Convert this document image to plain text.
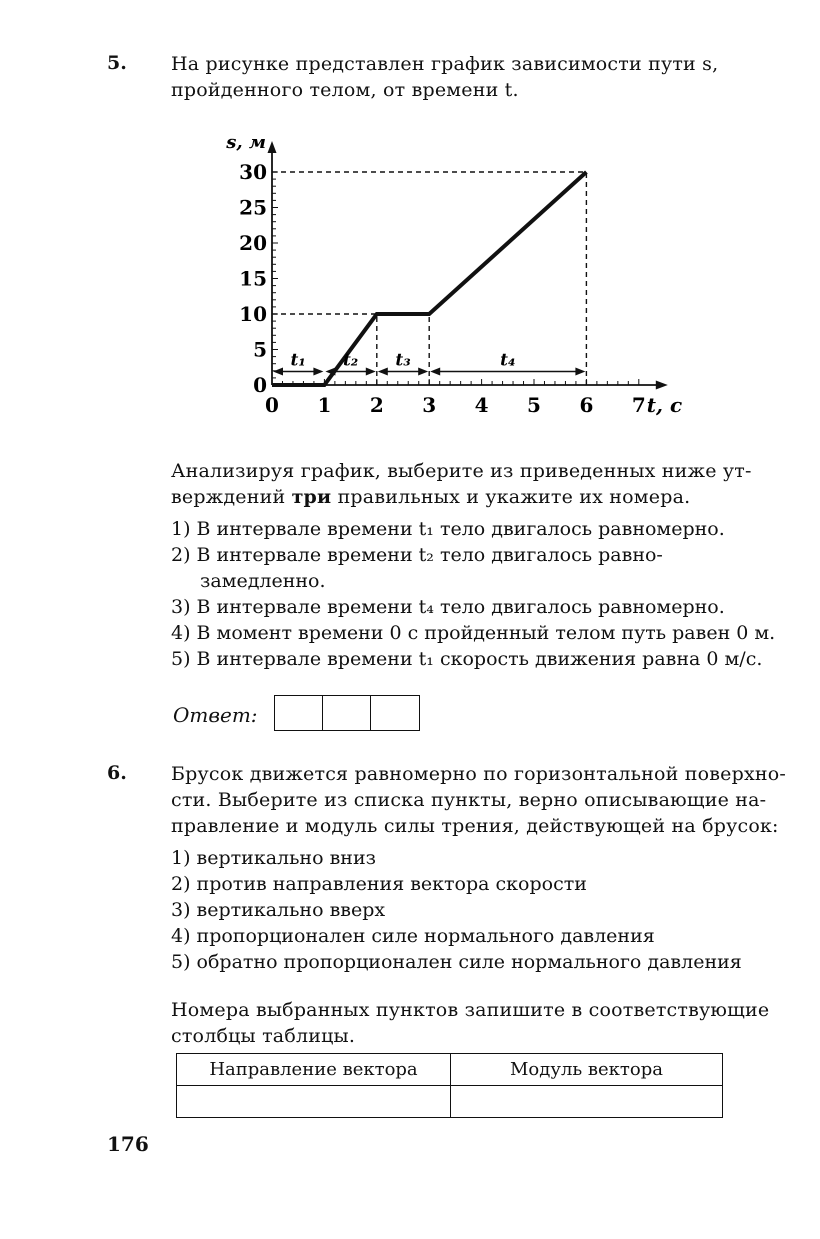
5. На рисунке представлен график зависимости пути s,
пройденного телом, от времени t.
0 1 2 3 4 5 6 7
0
5
10
15
20
25
30
t, с
s, м
t₁ t₂ t₃	t₄
Анализируя график, выберите из приведенных ниже ут-
верждений три правильных и укажите их номера.
1) В интервале времени t₁ тело двигалось равномерно.
2) В интервале времени t₂ тело двигалось равно-
замедленно.
3) В интервале времени t₄ тело двигалось равномерно.
4) В момент времени 0 с пройденный телом путь равен 0 м.
5) В интервале времени t₁ скорость движения равна 0 м/с.
Ответ:
6. Брусок движется равномерно по горизонтальной поверхно-
сти. Выберите из списка пункты, верно описывающие на-
правление и модуль силы трения, действующей на брусок:
1) вертикально вниз
2) против направления вектора скорости
3) вертикально вверх
4) пропорционален силе нормального давления
5) обратно пропорционален силе нормального давления
Номера выбранных пунктов запишите в соответствующие
столбцы таблицы.
Направление вектора	Модуль вектора

176
